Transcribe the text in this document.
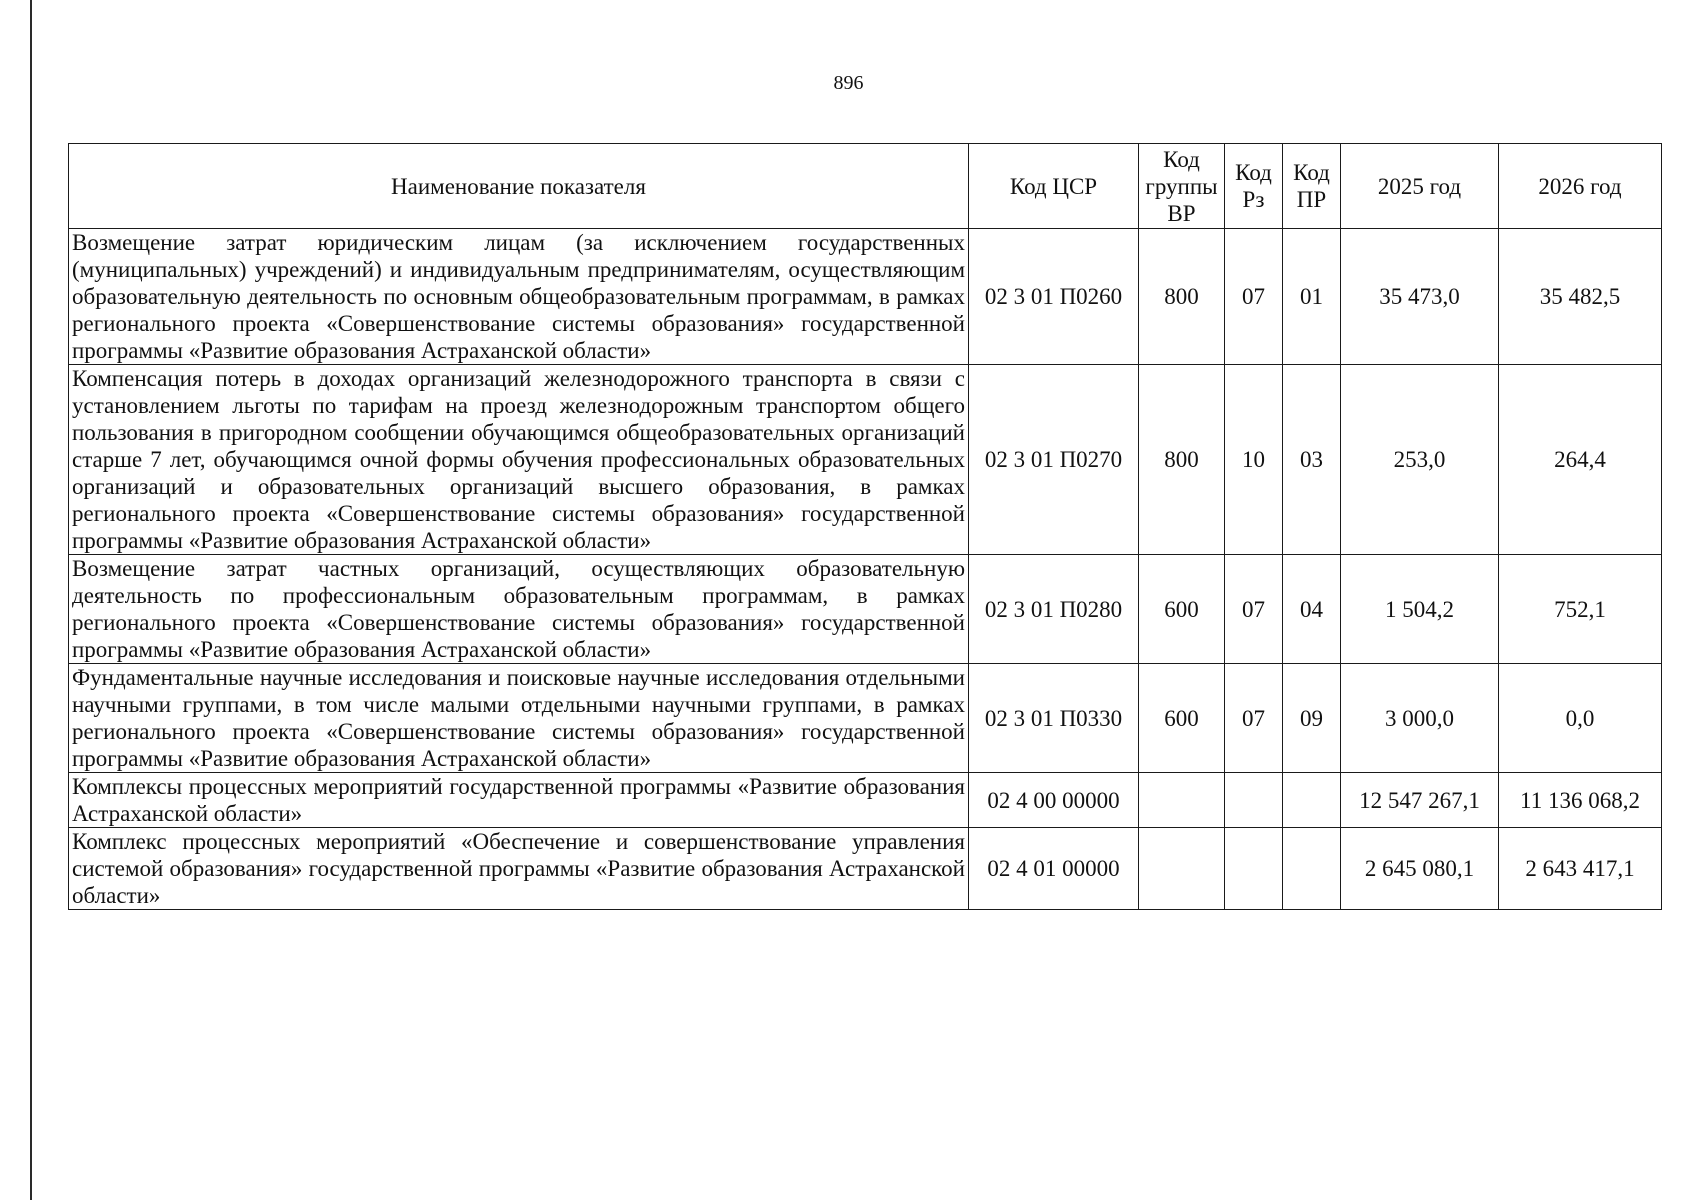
896
Наименование показателя	Код ЦСР	Код группы ВР	Код Рз	Код ПР	2025 год	2026 год
Возмещение затрат юридическим лицам (за исключением государственных (муниципальных) учреждений) и индивидуальным предпринимателям, осуществляющим образовательную деятельность по основным общеобразовательным программам, в рамках регионального проекта «Совершенствование системы образования» государственной программы «Развитие образования Астраханской области»	02 3 01 П0260	800	07	01	35 473,0	35 482,5
Компенсация потерь в доходах организаций железнодорожного транспорта в связи с установлением льготы по тарифам на проезд железнодорожным транспортом общего пользования в пригородном сообщении обучающимся общеобразовательных организаций старше 7 лет, обучающимся очной формы обучения профессиональных образовательных организаций и образовательных организаций высшего образования, в рамках регионального проекта «Совершенствование системы образования» государственной программы «Развитие образования Астраханской области»	02 3 01 П0270	800	10	03	253,0	264,4
Возмещение затрат частных организаций, осуществляющих образовательную деятельность по профессиональным образовательным программам, в рамках регионального проекта «Совершенствование системы образования» государственной программы «Развитие образования Астраханской области»	02 3 01 П0280	600	07	04	1 504,2	752,1
Фундаментальные научные исследования и поисковые научные исследования отдельными научными группами, в том числе малыми отдельными научными группами, в рамках регионального проекта «Совершенствование системы образования» государственной программы «Развитие образования Астраханской области»	02 3 01 П0330	600	07	09	3 000,0	0,0
Комплексы процессных мероприятий государственной программы «Развитие образования Астраханской области»	02 4 00 00000				12 547 267,1	11 136 068,2
Комплекс процессных мероприятий «Обеспечение и совершенствование управления системой образования» государственной программы «Развитие образования Астраханской области»	02 4 01 00000				2 645 080,1	2 643 417,1
